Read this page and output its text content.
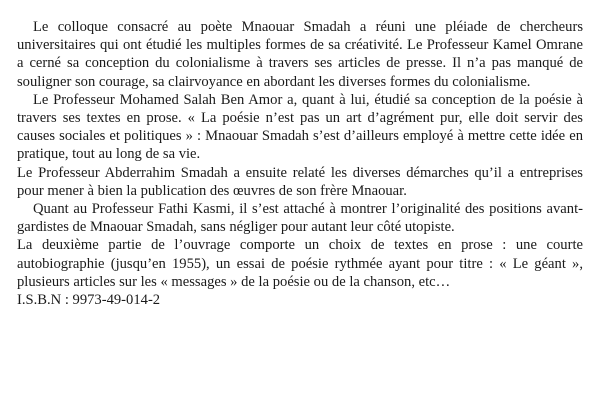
Le colloque consacré au poète Mnaouar Smadah a réuni une pléiade de chercheurs universitaires qui ont étudié les multiples formes de sa créativité. Le Professeur Kamel Omrane a cerné sa conception du colonialisme à travers ses articles de presse. Il n’a pas manqué de souligner son courage, sa clairvoyance en abordant les diverses formes du colonialisme.

Le Professeur Mohamed Salah Ben Amor a, quant à lui, étudié sa conception de la poésie à travers ses textes en prose. « La poésie n’est pas un art d’agrément pur, elle doit servir des causes sociales et politiques » : Mnaouar Smadah s’est d’ailleurs employé à mettre cette idée en pratique, tout au long de sa vie.

Le Professeur Abderrahim Smadah a ensuite relaté les diverses démarches qu’il a entreprises pour mener à bien la publication des œuvres de son frère Mnaouar.

Quant au Professeur Fathi Kasmi, il s’est attaché à montrer l’originalité des positions avant-gardistes de Mnaouar Smadah, sans négliger pour autant leur côté utopiste.

La deuxième partie de l’ouvrage comporte un choix de textes en prose : une courte autobiographie (jusqu’en 1955), un essai de poésie rythmée ayant pour titre : « Le géant », plusieurs articles sur les « messages » de la poésie ou de la chanson, etc…

I.S.B.N : 9973-49-014-2
